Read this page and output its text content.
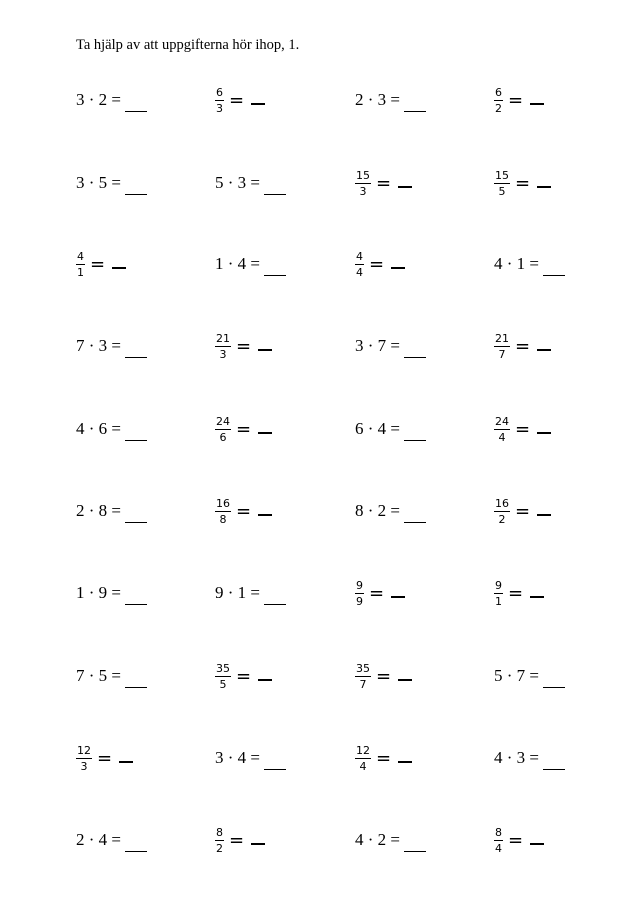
Ta hjälp av att uppgifterna hör ihop, 1.
3 · 2 =	$\frac{6}{3}$ =	2 · 3 =	$\frac{6}{2}$ =
3 · 5 =	5 · 3 =	$\frac{15}{3}$ =	$\frac{15}{5}$ =
$\frac{4}{1}$ =	1 · 4 =	$\frac{4}{4}$ =	4 · 1 =
7 · 3 =	$\frac{21}{3}$ =	3 · 7 =	$\frac{21}{7}$ =
4 · 6 =	$\frac{24}{6}$ =	6 · 4 =	$\frac{24}{4}$ =
2 · 8 =	$\frac{16}{8}$ =	8 · 2 =	$\frac{16}{2}$ =
1 · 9 =	9 · 1 =	$\frac{9}{9}$ =	$\frac{9}{1}$ =
7 · 5 =	$\frac{35}{5}$ =	$\frac{35}{7}$ =	5 · 7 =
$\frac{12}{3}$ =	3 · 4 =	$\frac{12}{4}$ =	4 · 3 =
2 · 4 =	$\frac{8}{2}$ =	4 · 2 =	$\frac{8}{4}$ =
